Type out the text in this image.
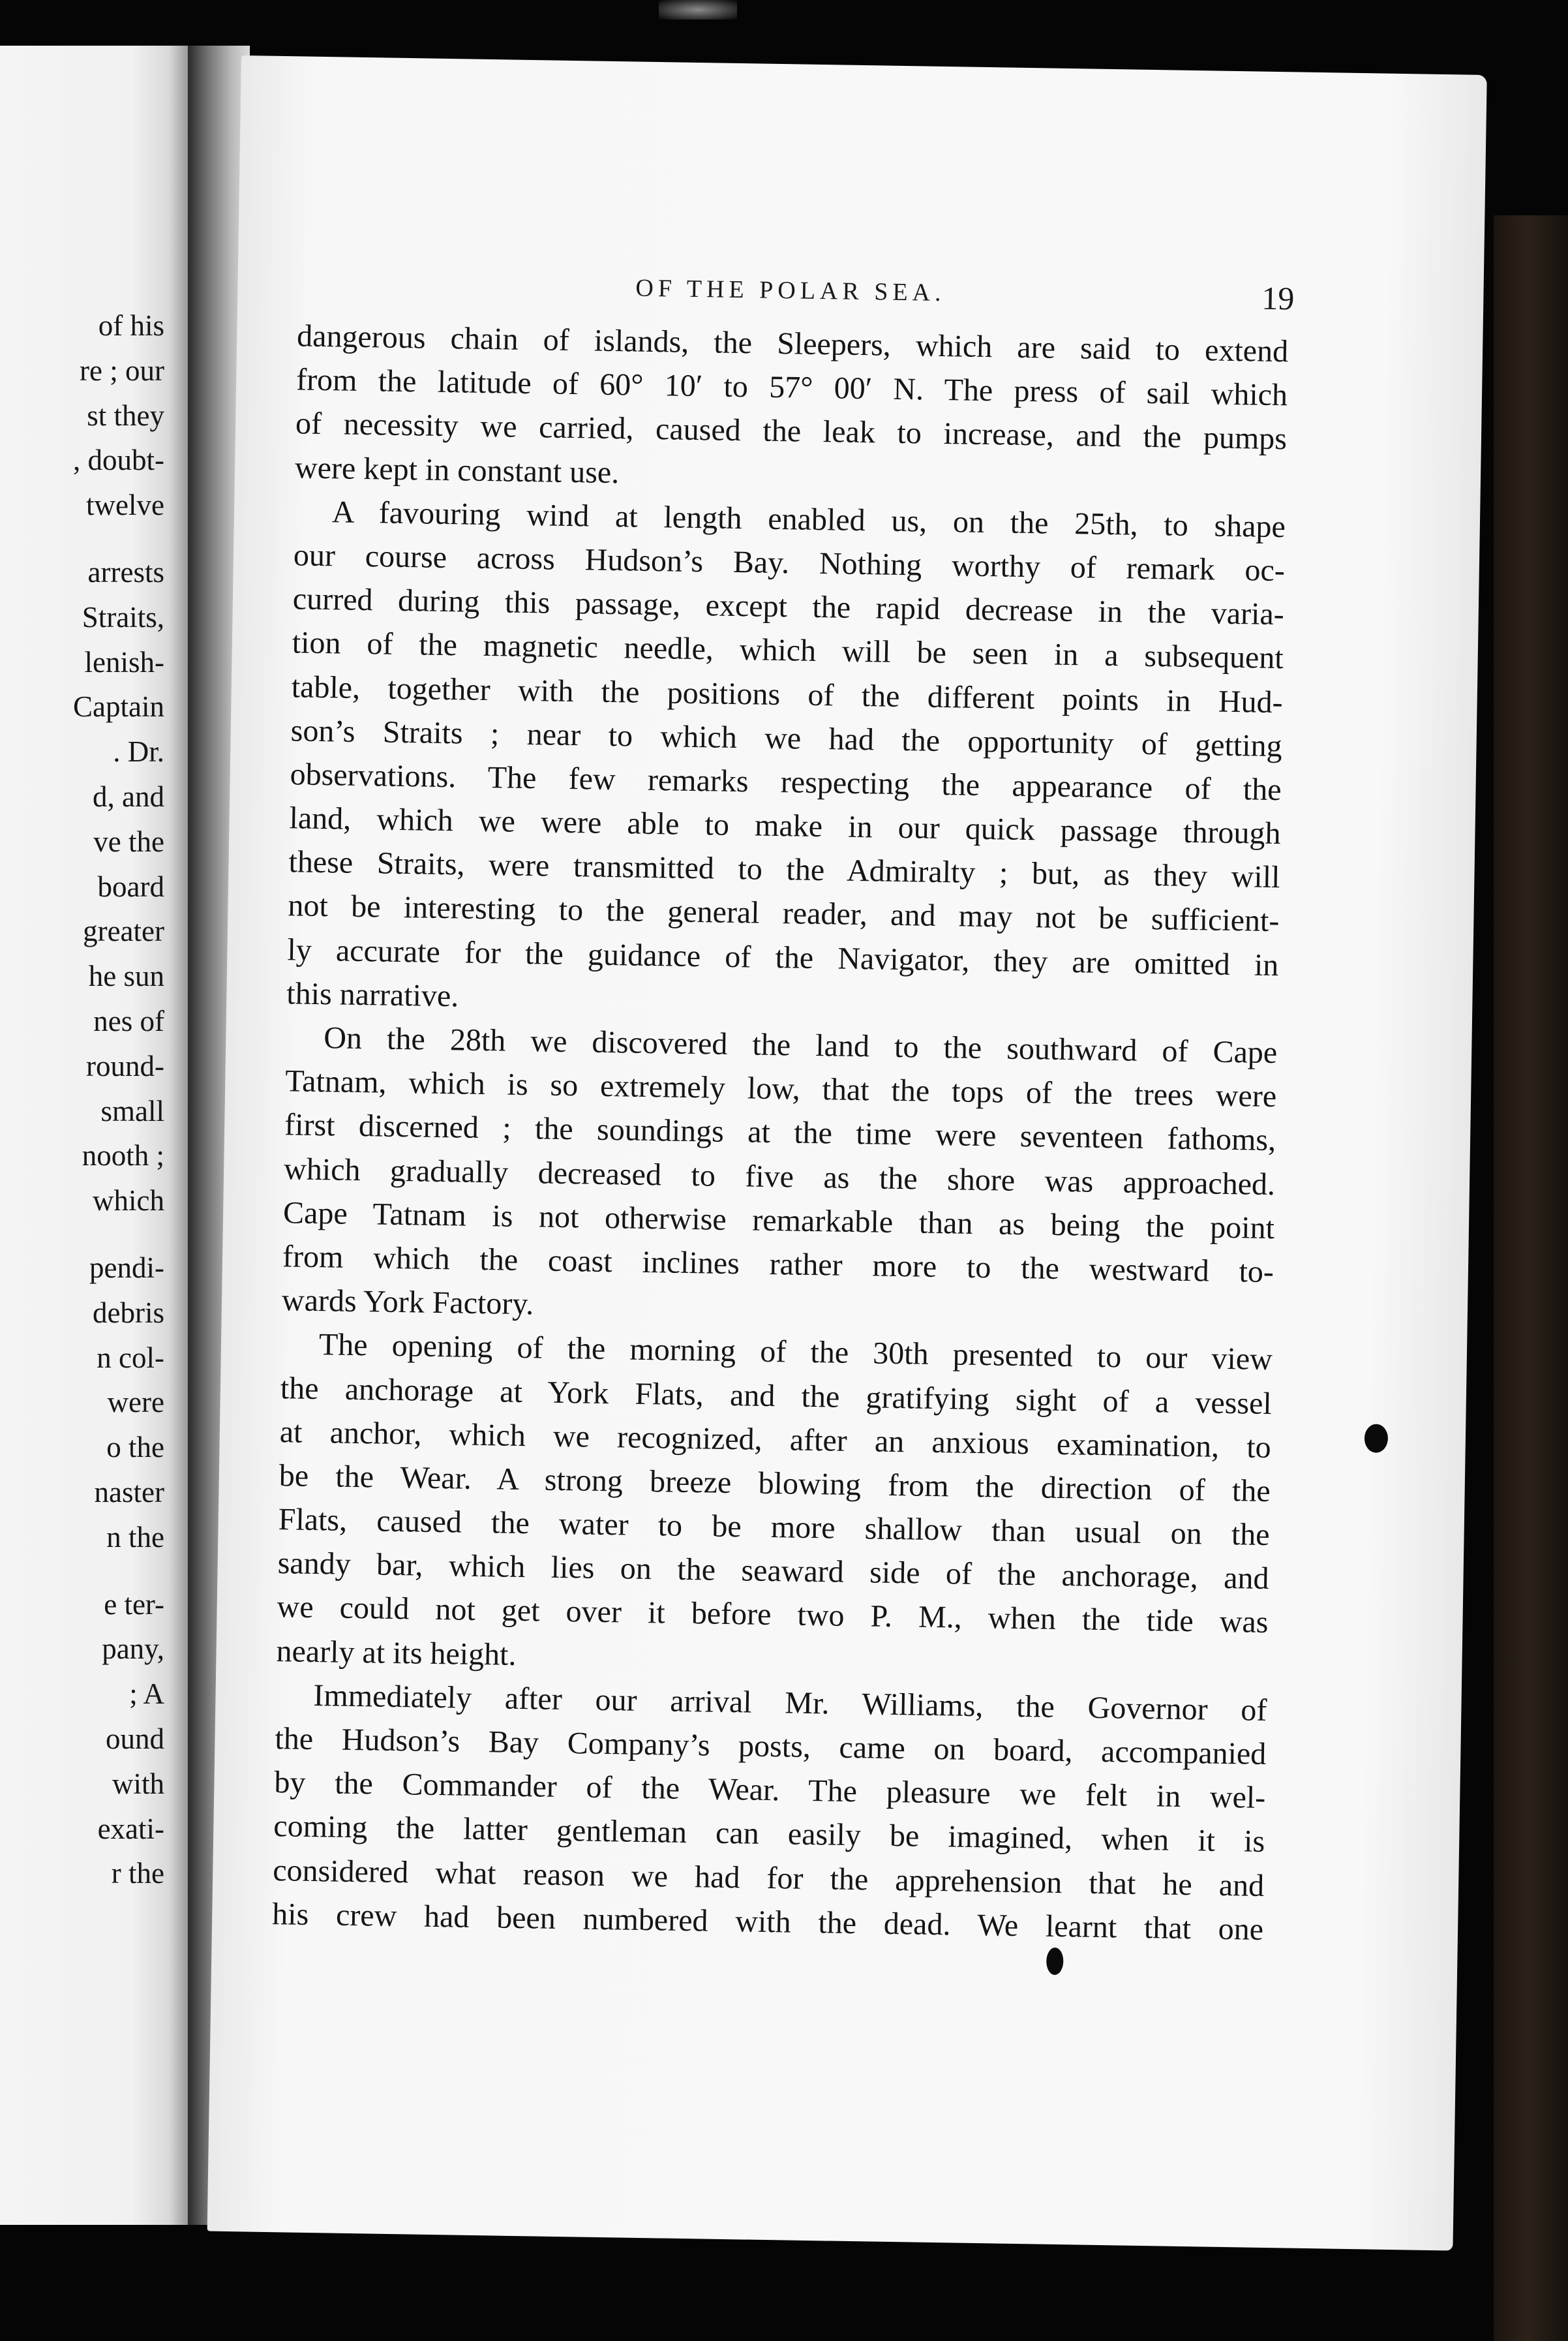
of his
re ; our
st they
, doubt-
twelve
arrests
Straits,
lenish-
Captain
. Dr.
d, and
ve the
board
greater
he sun
nes of
round-
small
nooth ;
which
pendi-
debris
n col-
were
o the
naster
n the
e ter-
pany,
; A
ound
with
exati-
r the
OF THE POLAR SEA.	19
dangerous chain of islands, the Sleepers, which are said to extend
from the latitude of 60° 10′ to 57° 00′ N. The press of sail which
of necessity we carried, caused the leak to increase, and the pumps
were kept in constant use.
A favouring wind at length enabled us, on the 25th, to shape
our course across Hudson’s Bay. Nothing worthy of remark oc-
curred during this passage, except the rapid decrease in the varia-
tion of the magnetic needle, which will be seen in a subsequent
table, together with the positions of the different points in Hud-
son’s Straits ; near to which we had the opportunity of getting
observations. The few remarks respecting the appearance of the
land, which we were able to make in our quick passage through
these Straits, were transmitted to the Admiralty ; but, as they will
not be interesting to the general reader, and may not be sufficient-
ly accurate for the guidance of the Navigator, they are omitted in
this narrative.
On the 28th we discovered the land to the southward of Cape
Tatnam, which is so extremely low, that the tops of the trees were
first discerned ; the soundings at the time were seventeen fathoms,
which gradually decreased to five as the shore was approached.
Cape Tatnam is not otherwise remarkable than as being the point
from which the coast inclines rather more to the westward to-
wards York Factory.
The opening of the morning of the 30th presented to our view
the anchorage at York Flats, and the gratifying sight of a vessel
at anchor, which we recognized, after an anxious examination, to
be the Wear. A strong breeze blowing from the direction of the
Flats, caused the water to be more shallow than usual on the
sandy bar, which lies on the seaward side of the anchorage, and
we could not get over it before two P. M., when the tide was
nearly at its height.
Immediately after our arrival Mr. Williams, the Governor of
the Hudson’s Bay Company’s posts, came on board, accompanied
by the Commander of the Wear. The pleasure we felt in wel-
coming the latter gentleman can easily be imagined, when it is
considered what reason we had for the apprehension that he and
his crew had been numbered with the dead. We learnt that one
